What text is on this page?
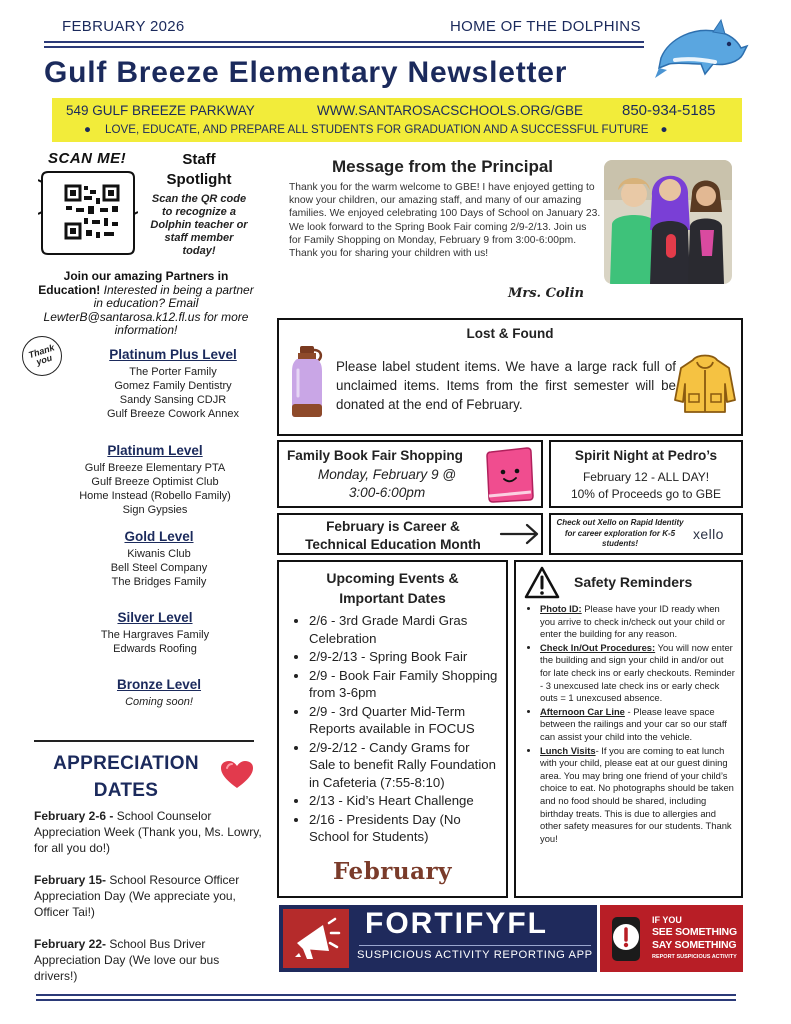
FEBRUARY 2026	HOME OF THE DOLPHINS
Gulf Breeze Elementary Newsletter
549 GULF BREEZE PARKWAY	WWW.SANTAROSACSCHOOLS.ORG/GBE	850-934-5185
● LOVE, EDUCATE, AND PREPARE ALL STUDENTS FOR GRADUATION AND A SUCCESSFUL FUTURE ●
SCAN ME!	Staff
Spotlight
Scan the QR code to recognize a Dolphin teacher or staff member today!
Join our amazing Partners in Education! Interested in being a partner in education? Email LewterB@santarosa.k12.fl.us for more information!
Thank you	Platinum Plus Level
The Porter Family
Gomez Family Dentistry
Sandy Sansing CDJR
Gulf Breeze Cowork Annex
Platinum Level
Gulf Breeze Elementary PTA
Gulf Breeze Optimist Club
Home Instead (Robello Family)
Sign Gypsies
Gold Level
Kiwanis Club
Bell Steel Company
The Bridges Family
Silver Level
The Hargraves Family
Edwards Roofing
Bronze Level
Coming soon!
APPRECIATION
DATES
February 2-6 - School Counselor Appreciation Week (Thank you, Ms. Lowry, for all you do!)
February 15- School Resource Officer Appreciation Day (We appreciate you, Officer Tai!)
February 22- School Bus Driver Appreciation Day (We love our bus drivers!)
Message from the Principal
Thank you for the warm welcome to GBE! I have enjoyed getting to know your children, our amazing staff, and many of our amazing families. We enjoyed celebrating 100 Days of School on January 23. We look forward to the Spring Book Fair coming 2/9-2/13. Join us for Family Shopping on Monday, February 9 from 3:00-6:00pm. Thank you for sharing your children with us!
Mrs. Colin
Lost & Found
Please label student items. We have a large rack full of unclaimed items. Items from the first semester will be donated at the end of February.
Family Book Fair Shopping
Monday, February 9 @
3:00-6:00pm
Spirit Night at Pedro’s
February 12 - ALL DAY!
10% of Proceeds go to GBE
February is Career &
Technical Education Month
Check out Xello on Rapid Identity for career exploration for K-5 students!
xello
Upcoming Events &
Important Dates
• 2/6 - 3rd Grade Mardi Gras Celebration
• 2/9-2/13 - Spring Book Fair
• 2/9 - Book Fair Family Shopping from 3-6pm
• 2/9 - 3rd Quarter Mid-Term Reports available in FOCUS
• 2/9-2/12 - Candy Grams for Sale to benefit Rally Foundation in Cafeteria (7:55-8:10)
• 2/13 - Kid’s Heart Challenge
• 2/16 - Presidents Day (No School for Students)
February
Safety Reminders
• Photo ID: Please have your ID ready when you arrive to check in/check out your child or enter the building for any reason.
• Check In/Out Procedures: You will now enter the building and sign your child in and/or out for late check ins or early checkouts. Reminder - 3 unexcused late check ins or early check outs = 1 unexcused absence.
• Afternoon Car Line - Please leave space between the railings and your car so our staff can assist your child into the vehicle.
• Lunch Visits- If you are coming to eat lunch with your child, please eat at our guest dining area. You may bring one friend of your child’s choice to eat. No photographs should be taken and no food should be shared, including birthday treats. This is due to allergies and other safety measures for our students. Thank you!
FORTIFYFL
SUSPICIOUS ACTIVITY REPORTING APP
IF YOU
SEE SOMETHING
SAY SOMETHING
REPORT SUSPICIOUS ACTIVITY
